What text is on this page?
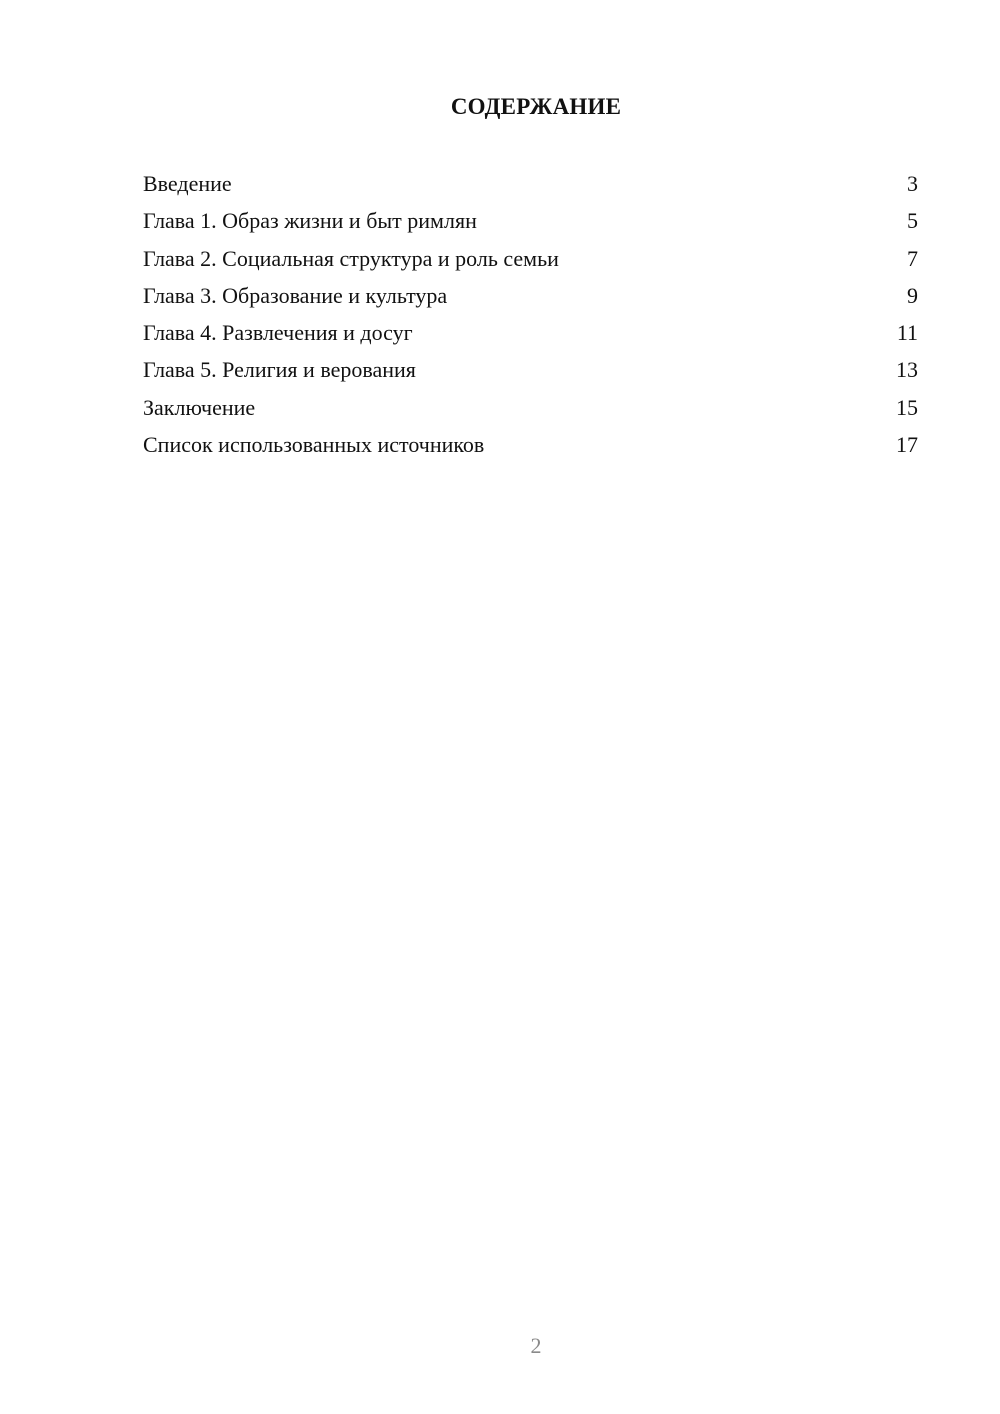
СОДЕРЖАНИЕ
Введение	3
Глава 1. Образ жизни и быт римлян	5
Глава 2. Социальная структура и роль семьи	7
Глава 3. Образование и культура	9
Глава 4. Развлечения и досуг	11
Глава 5. Религия и верования	13
Заключение	15
Список использованных источников	17
2
